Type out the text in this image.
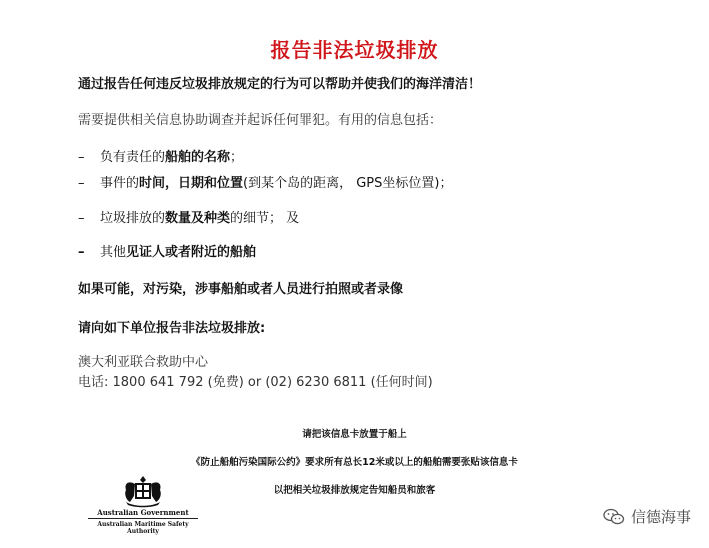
报告非法垃圾排放
通过报告任何违反垃圾排放规定的行为可以帮助并使我们的海洋清洁！
需要提供相关信息协助调查并起诉任何罪犯。有用的信息包括：
– 负有责任的船舶的名称；
– 事件的时间，日期和位置(到某个岛的距离， GPS坐标位置)；
– 垃圾排放的数量及种类的细节； 及
– 其他见证人或者附近的船舶
如果可能，对污染，涉事船舶或者人员进行拍照或者录像
请向如下单位报告非法垃圾排放:
澳大利亚联合救助中心
电话: 1800 641 792 (免费) or (02) 6230 6811 (任何时间)
请把该信息卡放置于船上
《防止船舶污染国际公约》要求所有总长12米或以上的船舶需要张贴该信息卡
以把相关垃圾排放规定告知船员和旅客
Australian Government
Australian Maritime Safety Authority
信德海事
